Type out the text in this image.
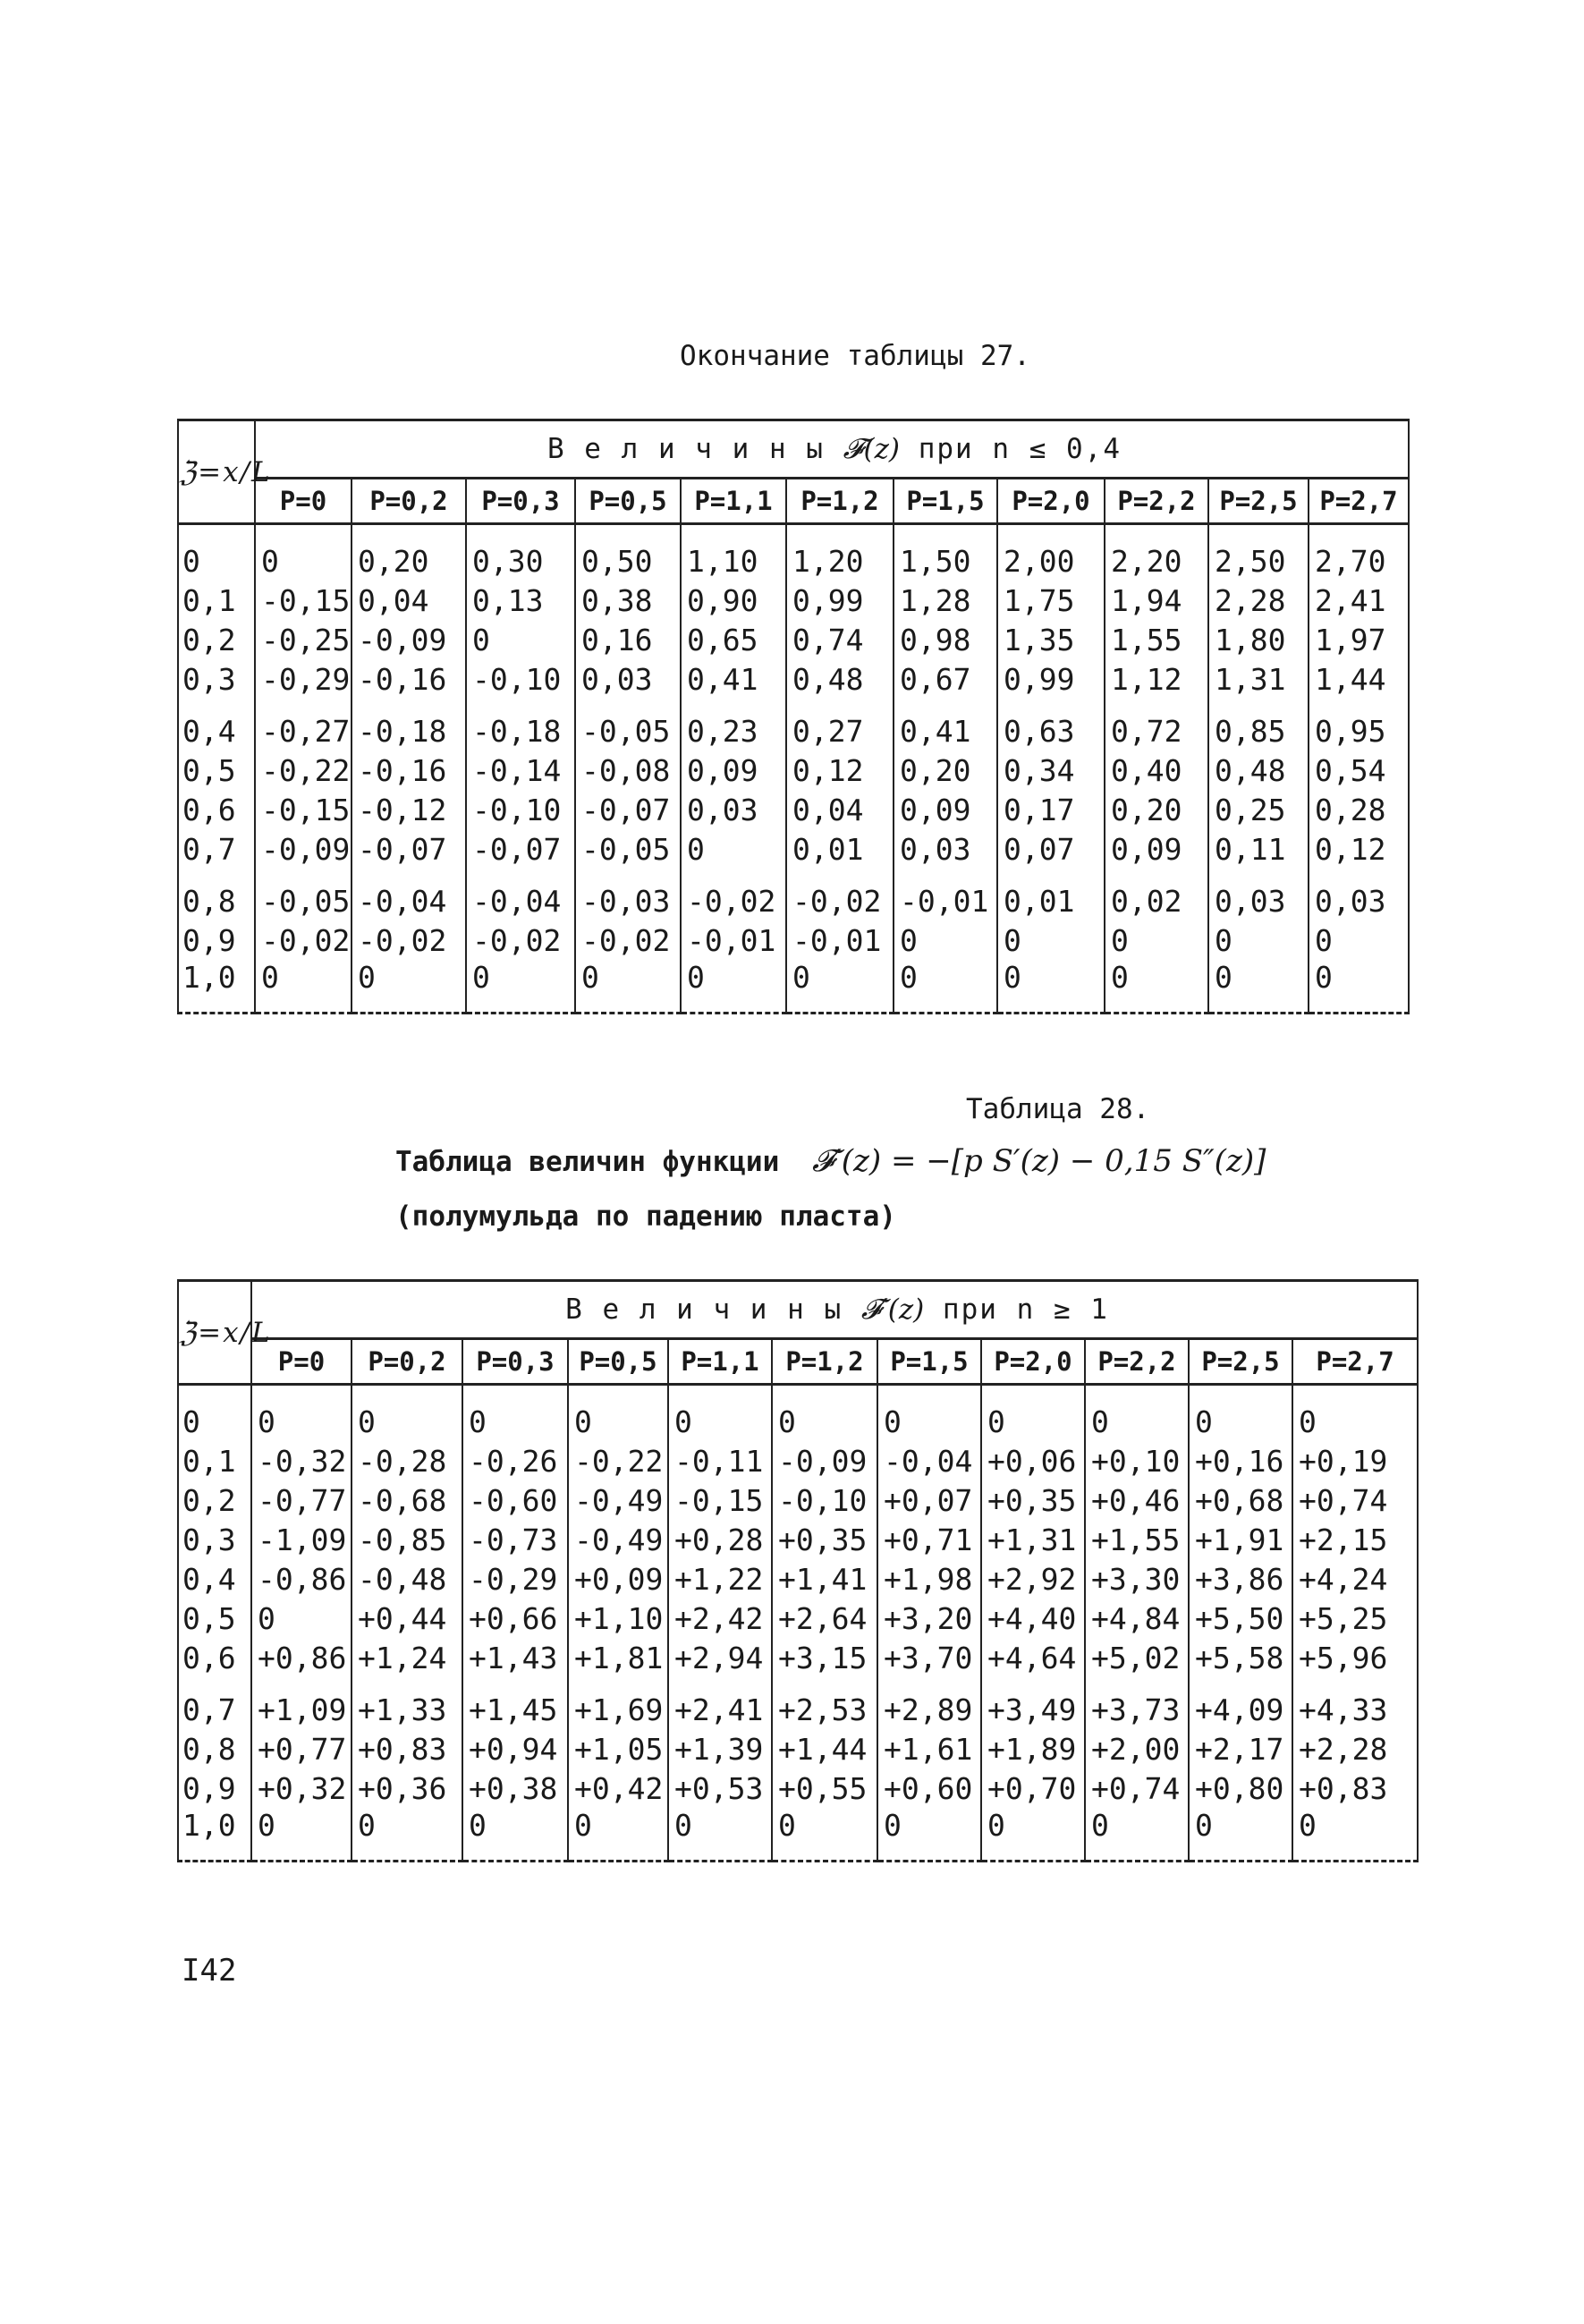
Окончание таблицы 27.
ℨ=x/L	В е л и ч и н ы 𝓕(z) при n ≤ 0,4										
	P=0	P=0,2	P=0,3	P=0,5	P=1,1	P=1,2	P=1,5	P=2,0	P=2,2	P=2,5	P=2,7
0	0	0,20	0,30	0,50	1,10	1,20	1,50	2,00	2,20	2,50	2,70
0,1	-0,15	0,04	0,13	0,38	0,90	0,99	1,28	1,75	1,94	2,28	2,41
0,2	-0,25	-0,09	0	0,16	0,65	0,74	0,98	1,35	1,55	1,80	1,97
0,3	-0,29	-0,16	-0,10	0,03	0,41	0,48	0,67	0,99	1,12	1,31	1,44
0,4	-0,27	-0,18	-0,18	-0,05	0,23	0,27	0,41	0,63	0,72	0,85	0,95
0,5	-0,22	-0,16	-0,14	-0,08	0,09	0,12	0,20	0,34	0,40	0,48	0,54
0,6	-0,15	-0,12	-0,10	-0,07	0,03	0,04	0,09	0,17	0,20	0,25	0,28
0,7	-0,09	-0,07	-0,07	-0,05	0	0,01	0,03	0,07	0,09	0,11	0,12
0,8	-0,05	-0,04	-0,04	-0,03	-0,02	-0,02	-0,01	0,01	0,02	0,03	0,03
0,9	-0,02	-0,02	-0,02	-0,02	-0,01	-0,01	0	0	0	0	0
1,0	0	0	0	0	0	0	0	0	0	0	0
Таблица 28.
Таблица величин функции 𝓕′(z) = −[p S′(z) − 0,15 S″(z)]
(полумульда по падению пласта)
ℨ=x/L	В е л и ч и н ы 𝓕′(z) при n ≥ 1										
	P=0	P=0,2	P=0,3	P=0,5	P=1,1	P=1,2	P=1,5	P=2,0	P=2,2	P=2,5	P=2,7
0	0	0	0	0	0	0	0	0	0	0	0
0,1	-0,32	-0,28	-0,26	-0,22	-0,11	-0,09	-0,04	+0,06	+0,10	+0,16	+0,19
0,2	-0,77	-0,68	-0,60	-0,49	-0,15	-0,10	+0,07	+0,35	+0,46	+0,68	+0,74
0,3	-1,09	-0,85	-0,73	-0,49	+0,28	+0,35	+0,71	+1,31	+1,55	+1,91	+2,15
0,4	-0,86	-0,48	-0,29	+0,09	+1,22	+1,41	+1,98	+2,92	+3,30	+3,86	+4,24
0,5	0	+0,44	+0,66	+1,10	+2,42	+2,64	+3,20	+4,40	+4,84	+5,50	+5,25
0,6	+0,86	+1,24	+1,43	+1,81	+2,94	+3,15	+3,70	+4,64	+5,02	+5,58	+5,96
0,7	+1,09	+1,33	+1,45	+1,69	+2,41	+2,53	+2,89	+3,49	+3,73	+4,09	+4,33
0,8	+0,77	+0,83	+0,94	+1,05	+1,39	+1,44	+1,61	+1,89	+2,00	+2,17	+2,28
0,9	+0,32	+0,36	+0,38	+0,42	+0,53	+0,55	+0,60	+0,70	+0,74	+0,80	+0,83
1,0	0	0	0	0	0	0	0	0	0	0	0
I42
